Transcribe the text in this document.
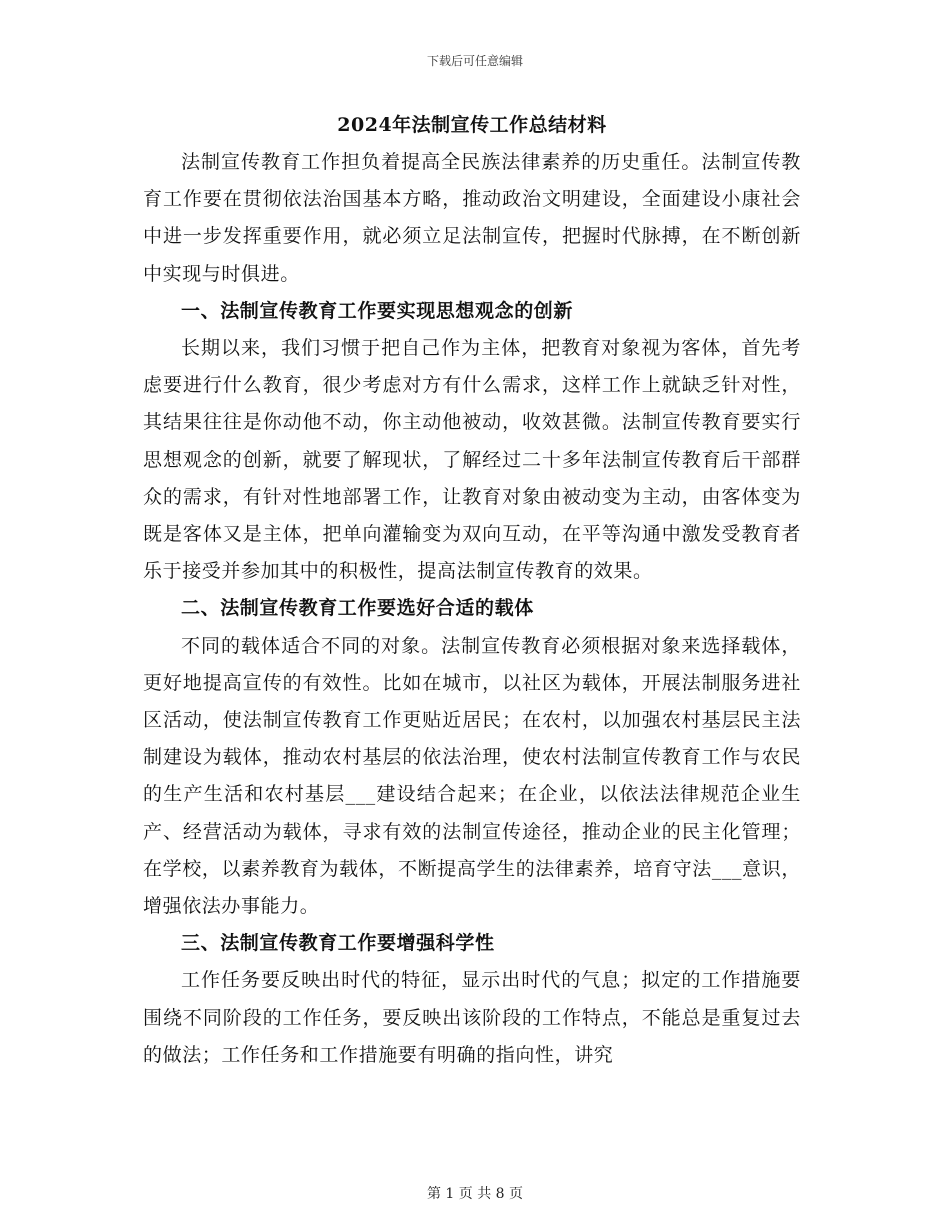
下载后可任意编辑
2024年法制宣传工作总结材料

法制宣传教育工作担负着提高全民族法律素养的历史重任。法制宣传教育工作要在贯彻依法治国基本方略，推动政治文明建设，全面建设小康社会中进一步发挥重要作用，就必须立足法制宣传，把握时代脉搏，在不断创新中实现与时俱进。

一、法制宣传教育工作要实现思想观念的创新

长期以来，我们习惯于把自己作为主体，把教育对象视为客体，首先考虑要进行什么教育，很少考虑对方有什么需求，这样工作上就缺乏针对性，其结果往往是你动他不动，你主动他被动，收效甚微。法制宣传教育要实行思想观念的创新，就要了解现状，了解经过二十多年法制宣传教育后干部群众的需求，有针对性地部署工作，让教育对象由被动变为主动，由客体变为既是客体又是主体，把单向灌输变为双向互动，在平等沟通中激发受教育者乐于接受并参加其中的积极性，提高法制宣传教育的效果。

二、法制宣传教育工作要选好合适的载体

不同的载体适合不同的对象。法制宣传教育必须根据对象来选择载体，更好地提高宣传的有效性。比如在城市，以社区为载体，开展法制服务进社区活动，使法制宣传教育工作更贴近居民；在农村，以加强农村基层民主法制建设为载体，推动农村基层的依法治理，使农村法制宣传教育工作与农民的生产生活和农村基层___建设结合起来；在企业，以依法法律规范企业生产、经营活动为载体，寻求有效的法制宣传途径，推动企业的民主化管理；在学校，以素养教育为载体，不断提高学生的法律素养，培育守法___意识，增强依法办事能力。

三、法制宣传教育工作要增强科学性

工作任务要反映出时代的特征，显示出时代的气息；拟定的工作措施要围绕不同阶段的工作任务，要反映出该阶段的工作特点，不能总是重复过去的做法；工作任务和工作措施要有明确的指向性，讲究

第 1 页 共 8 页
